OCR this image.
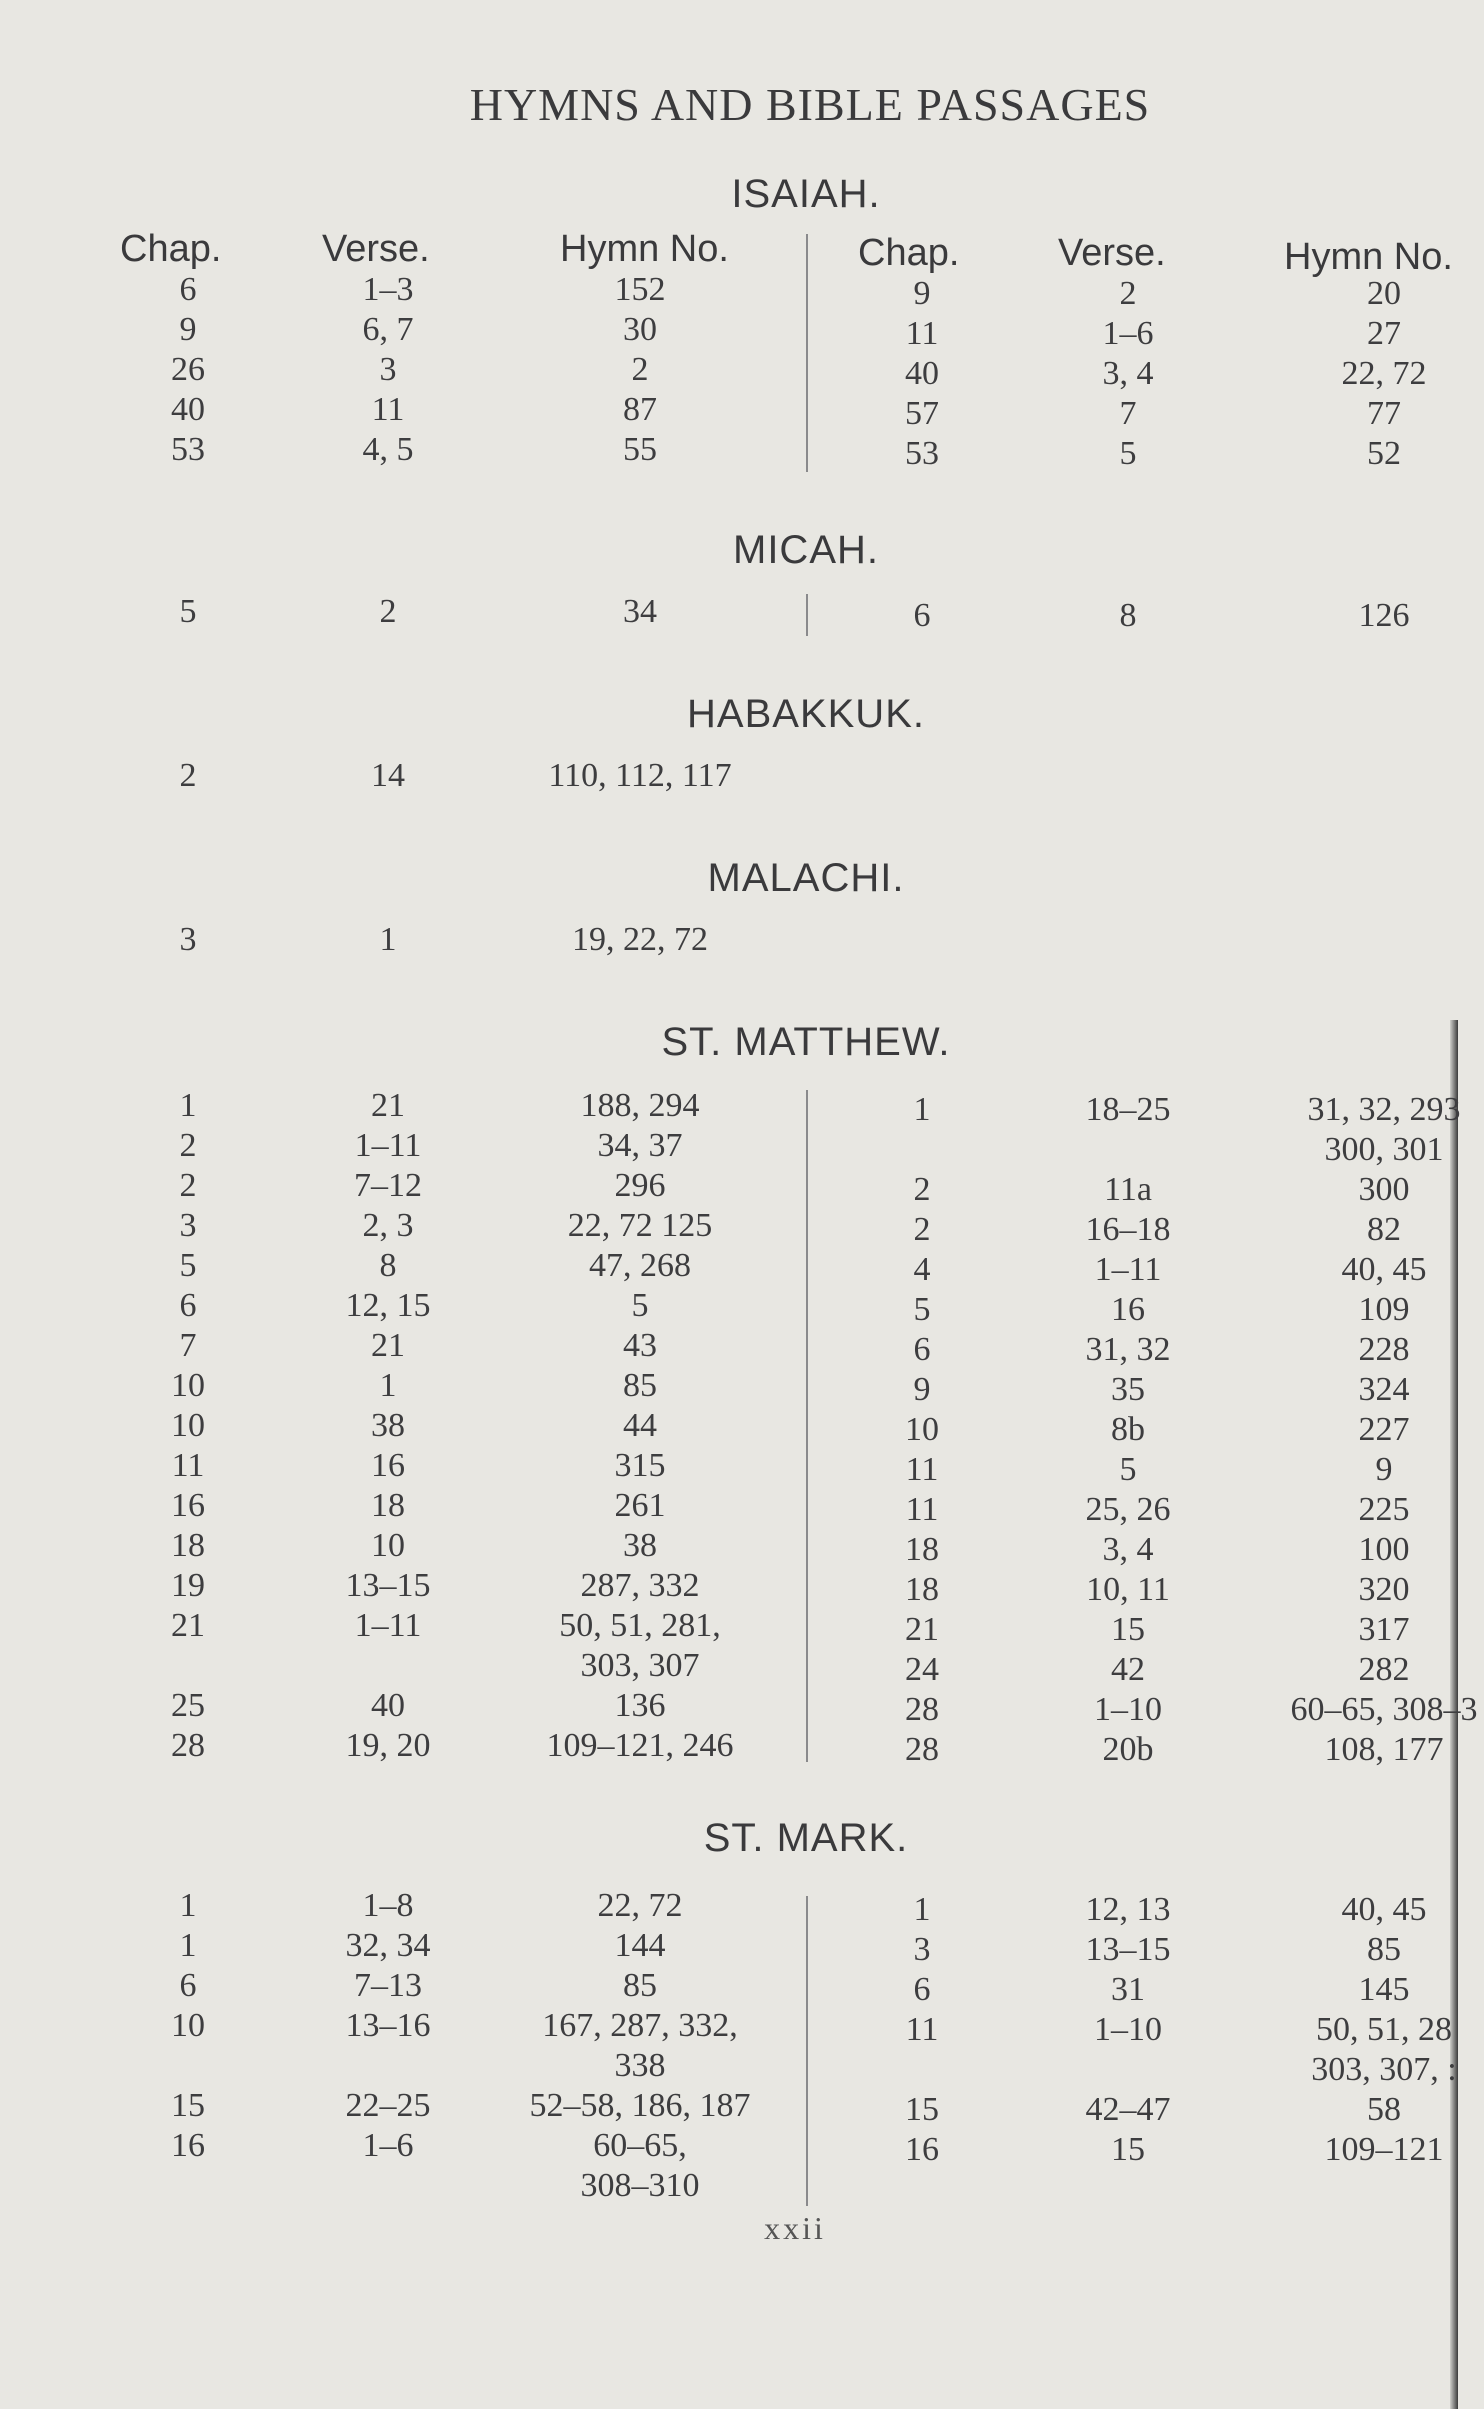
HYMNS AND BIBLE PASSAGES
Chap.	Verse.	Hymn No.	Chap.	Verse.	Hymn No.
xxii
ISAIAH.
6	1–3	152
9	6, 7	30
26	3	2
40	11	87
53	4, 5	55
9	2	20
11	1–6	27
40	3, 4	22, 72
57	7	77
53	5	52
MICAH.
5	2	34	6	8	126
HABAKKUK.
2	14	110, 112, 117
MALACHI.
3	1	19, 22, 72
ST. MATTHEW.
1	21	188, 294
2	1–11	34, 37
2	7–12	296
3	2, 3	22, 72 125
5	8	47, 268
6	12, 15	5
7	21	43
10	1	85
10	38	44
11	16	315
16	18	261
18	10	38
19	13–15	287, 332
21	1–11	50, 51, 281,
303, 307
25	40	136
28	19, 20	109–121, 246
1	18–25	31, 32, 293
300, 301
2	11a	300
2	16–18	82
4	1–11	40, 45
5	16	109
6	31, 32	228
9	35	324
10	8b	227
11	5	9
11	25, 26	225
18	3, 4	100
18	10, 11	320
21	15	317
24	42	282
28	1–10	60–65, 308–3
28	20b	108, 177
ST. MARK.
1	1–8	22, 72
1	32, 34	144
6	7–13	85
10	13–16	167, 287, 332,
338
15	22–25	52–58, 186, 187
16	1–6	60–65,
308–310
1	12, 13	40, 45
3	13–15	85
6	31	145
11	1–10	50, 51, 28
303, 307, :
15	42–47	58
16	15	109–121
